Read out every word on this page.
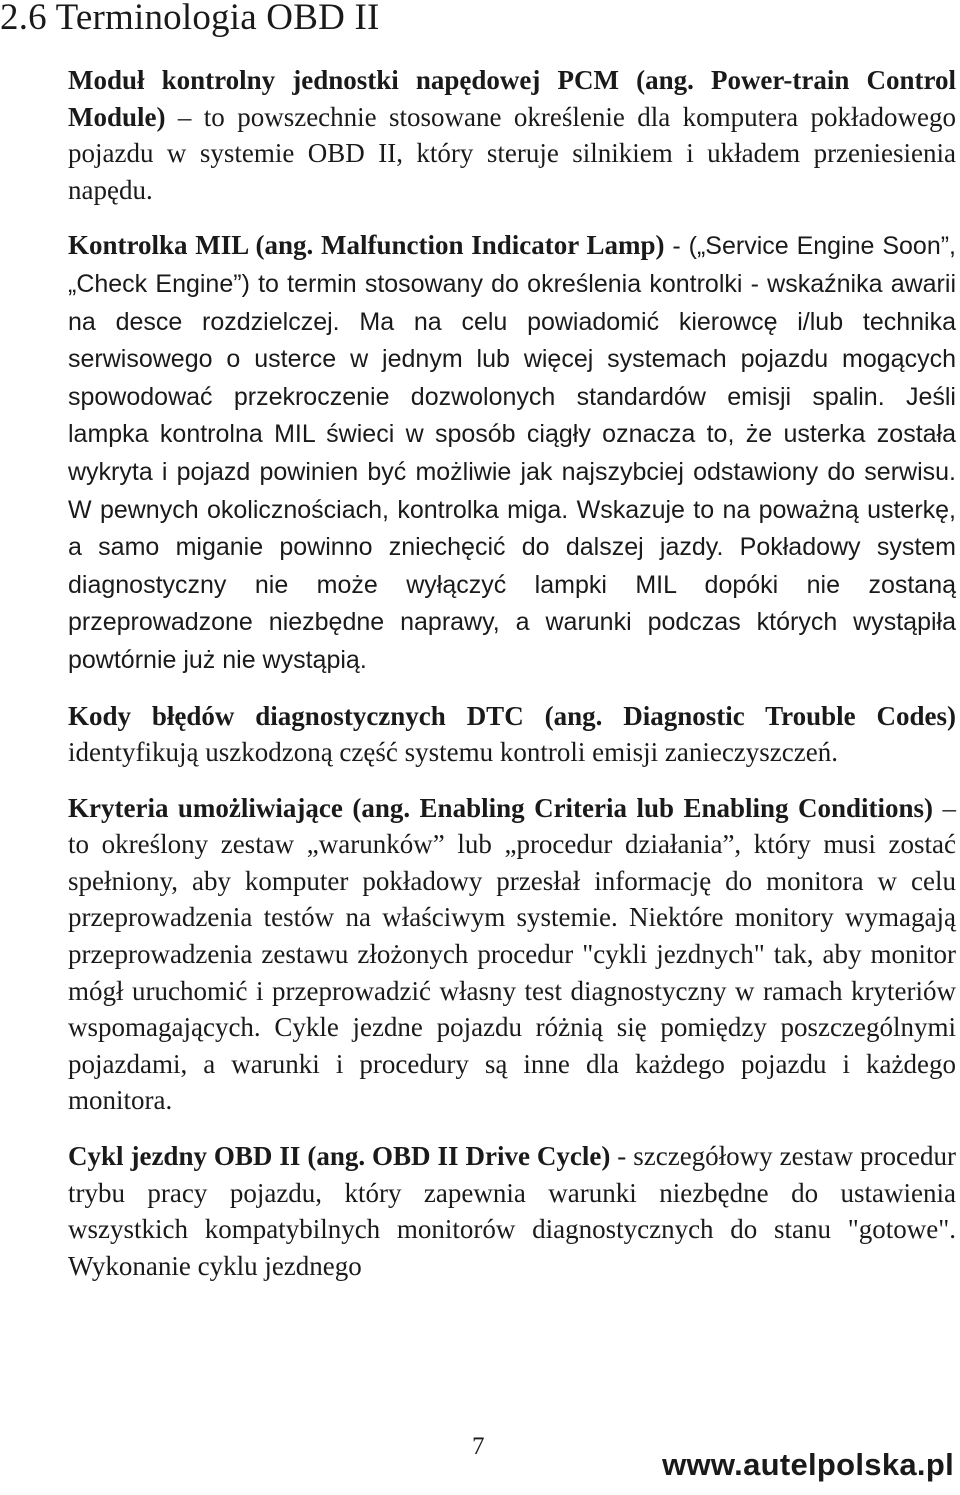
2.6 Terminologia OBD II

Moduł kontrolny jednostki napędowej PCM (ang. Power-train Control Module) – to powszechnie stosowane określenie dla komputera pokładowego pojazdu w systemie OBD II, który steruje silnikiem i układem przeniesienia napędu.

Kontrolka MIL (ang. Malfunction Indicator Lamp) - („Service Engine Soon”, „Check Engine”) to termin stosowany do określenia kontrolki - wskaźnika awarii na desce rozdzielczej. Ma na celu powiadomić kierowcę i/lub technika serwisowego o usterce w jednym lub więcej systemach pojazdu mogących spowodować przekroczenie dozwolonych standardów emisji spalin. Jeśli lampka kontrolna MIL świeci w sposób ciągły oznacza to, że usterka została wykryta i pojazd powinien być możliwie jak najszybciej odstawiony do serwisu. W pewnych okolicznościach, kontrolka miga. Wskazuje to na poważną usterkę, a samo miganie powinno zniechęcić do dalszej jazdy. Pokładowy system diagnostyczny nie może wyłączyć lampki MIL dopóki nie zostaną przeprowadzone niezbędne naprawy, a warunki podczas których wystąpiła powtórnie już nie wystąpią.

Kody błędów diagnostycznych DTC (ang. Diagnostic Trouble Codes) identyfikują uszkodzoną część systemu kontroli emisji zanieczyszczeń.

Kryteria umożliwiające (ang. Enabling Criteria lub Enabling Conditions) – to określony zestaw „warunków” lub „procedur działania”, który musi zostać spełniony, aby komputer pokładowy przesłał informację do monitora w celu przeprowadzenia testów na właściwym systemie. Niektóre monitory wymagają przeprowadzenia zestawu złożonych procedur "cykli jezdnych" tak, aby monitor mógł uruchomić i przeprowadzić własny test diagnostyczny w ramach kryteriów wspomagających. Cykle jezdne pojazdu różnią się pomiędzy poszczególnymi pojazdami, a warunki i procedury są inne dla każdego pojazdu i każdego monitora.

Cykl jezdny OBD II (ang. OBD II Drive Cycle) - szczegółowy zestaw procedur trybu pracy pojazdu, który zapewnia warunki niezbędne do ustawienia wszystkich kompatybilnych monitorów diagnostycznych do stanu "gotowe". Wykonanie cyklu jezdnego

7
www.autelpolska.pl
